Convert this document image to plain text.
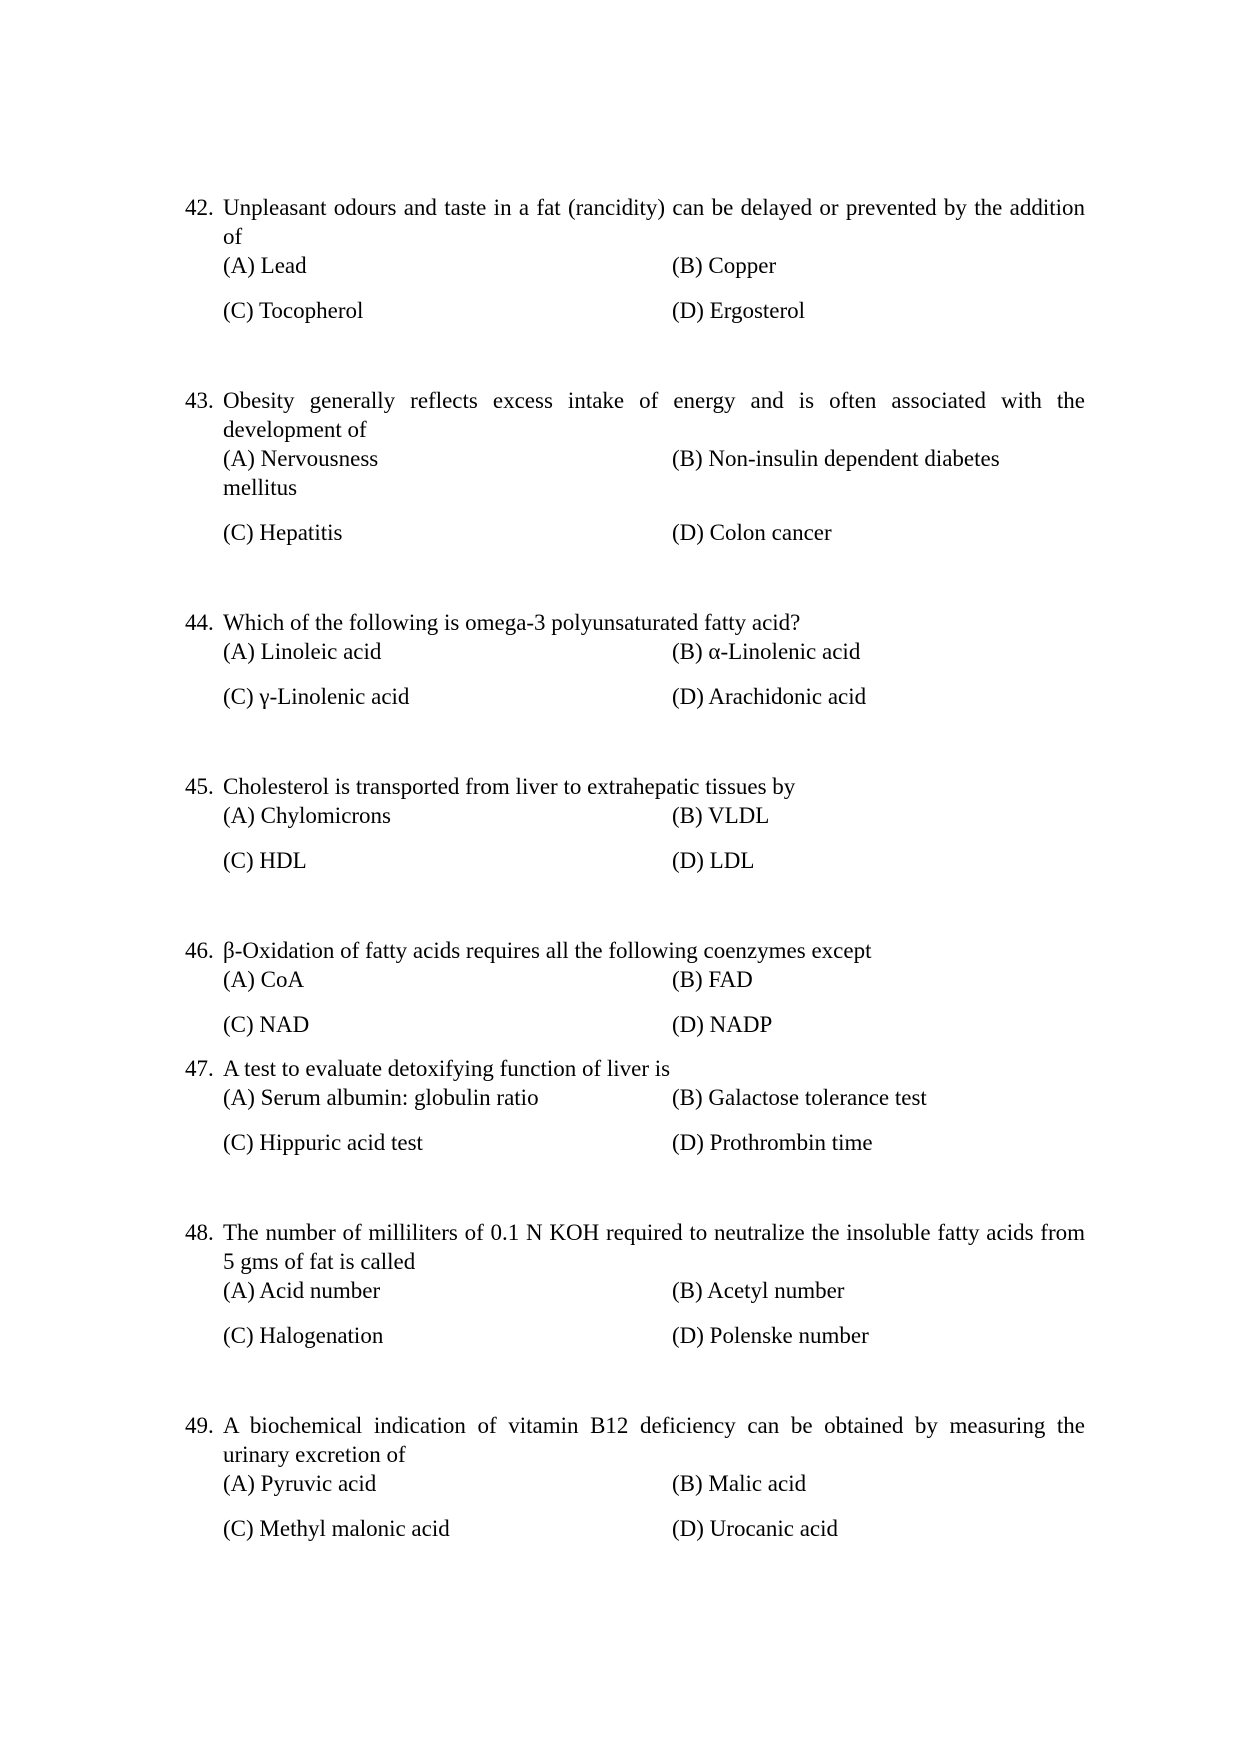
42. Unpleasant odours and taste in a fat (rancidity) can be delayed or prevented by the addition of
(A) Lead	(B) Copper
(C) Tocopherol	(D) Ergosterol
43. Obesity generally reflects excess intake of energy and is often associated with the development of
(A) Nervousness	(B) Non-insulin dependent diabetes
mellitus
(C) Hepatitis	(D) Colon cancer
44. Which of the following is omega-3 polyunsaturated fatty acid?
(A) Linoleic acid	(B) α-Linolenic acid
(C) γ-Linolenic acid	(D) Arachidonic acid
45. Cholesterol is transported from liver to extrahepatic tissues by
(A) Chylomicrons	(B) VLDL
(C) HDL	(D) LDL
46. β-Oxidation of fatty acids requires all the following coenzymes except
(A) CoA	(B) FAD
(C) NAD	(D) NADP
47. A test to evaluate detoxifying function of liver is
(A) Serum albumin: globulin ratio	(B) Galactose tolerance test
(C) Hippuric acid test	(D) Prothrombin time
48. The number of milliliters of 0.1 N KOH required to neutralize the insoluble fatty acids from 5 gms of fat is called
(A) Acid number	(B) Acetyl number
(C) Halogenation	(D) Polenske number
49. A biochemical indication of vitamin B12 deficiency can be obtained by measuring the urinary excretion of
(A) Pyruvic acid	(B) Malic acid
(C) Methyl malonic acid	(D) Urocanic acid
